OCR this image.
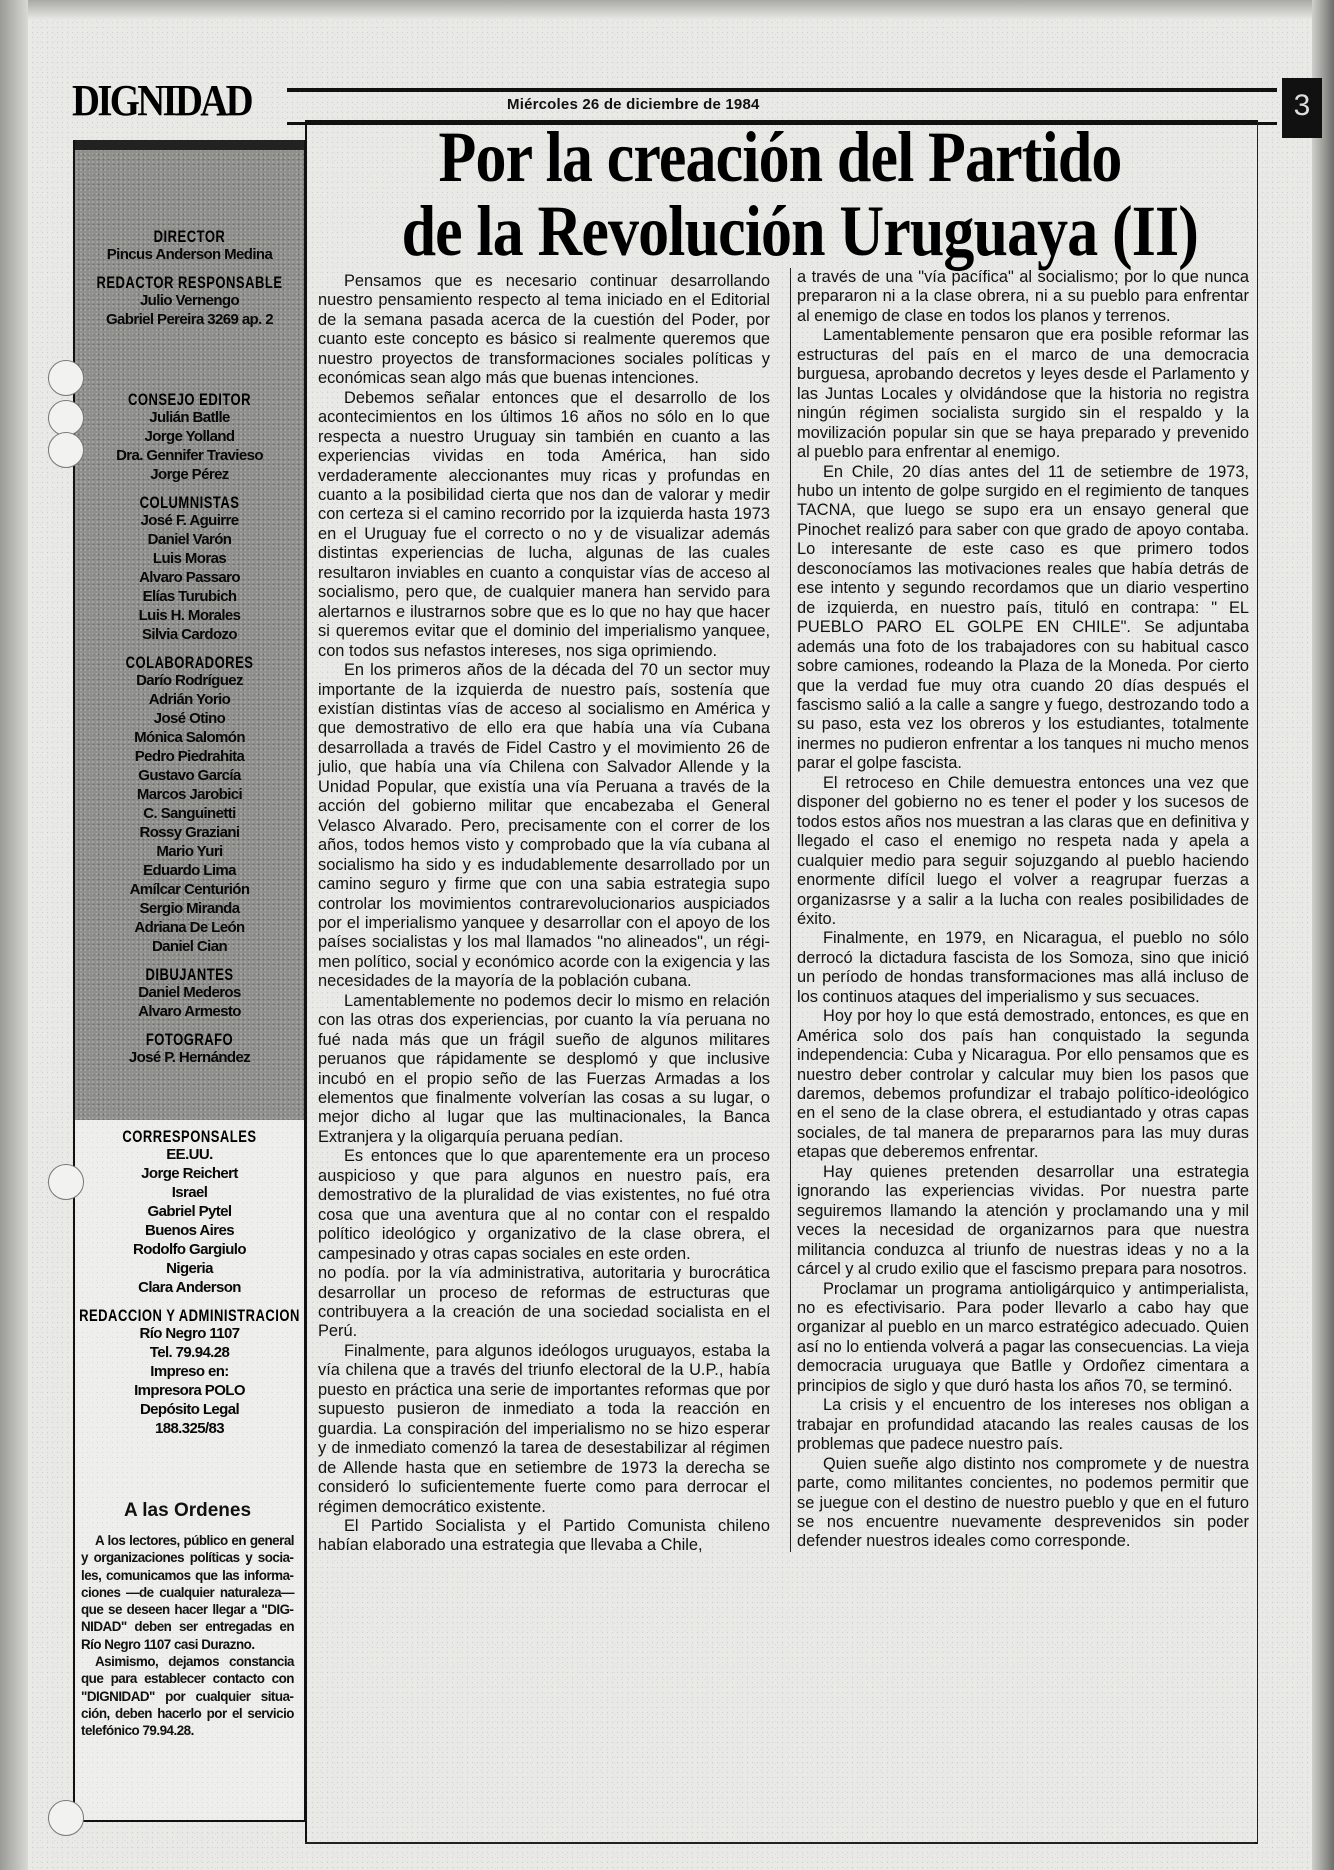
DIGNIDAD	Miércoles 26 de diciembre de 1984	3
Por la creación del Partido
de la Revolución Uruguaya (II)

Pensamos que es necesario continuar desarrollando nuestro pensamiento respecto al tema iniciado en el Editorial de la semana pasada acerca de la cuestión del Poder, por cuanto este concepto es básico si realmente queremos que nuestro proyectos de transformaciones sociales políticas y económicas sean algo más que buenas intenciones.

Debemos señalar entonces que el desarrollo de los acontecimientos en los últimos 16 años no sólo en lo que respecta a nuestro Uruguay sin también en cuanto a las experiencias vividas en toda América, han sido verdaderamente aleccionantes muy ricas y profundas en cuanto a la posibilidad cierta que nos dan de valorar y medir con certeza si el camino recorrido por la izquierda hasta 1973 en el Uruguay fue el correcto o no y de visualizar además distintas experiencias de lucha, algunas de las cuales resultaron inviables en cuanto a conquistar vías de acceso al socialismo, pero que, de cualquier manera han servido para alertarnos e ilustrarnos sobre que es lo que no hay que hacer si queremos evitar que el dominio del imperialismo yanquee, con todos sus nefastos intereses, nos siga oprimiendo.

En los primeros años de la década del 70 un sector muy importante de la izquierda de nuestro país, sostenía que existían distintas vías de acceso al socialismo en América y que demostrativo de ello era que había una vía Cubana desarrollada a través de Fidel Castro y el movimiento 26 de julio, que había una vía Chilena con Salvador Allende y la Unidad Popular, que existía una vía Peruana a través de la acción del gobierno militar que encabezaba el General Velasco Alvarado. Pero, precisamente con el correr de los años, todos hemos visto y comprobado que la vía cubana al socialismo ha sido y es indudablemente desarrollado por un camino seguro y firme que con una sabia estrategia supo controlar los movimientos contrarevolucionarios auspiciados por el imperialismo yanquee y desarrollar con el apoyo de los países socialistas y los mal llamados "no alineados", un régimen político, social y económico acorde con la exigencia y las necesidades de la mayoría de la población cubana.

Lamentablemente no podemos decir lo mismo en relación con las otras dos experiencias, por cuanto la vía peruana no fué nada más que un frágil sueño de algunos militares peruanos que rápidamente se desplomó y que inclusive incubó en el propio seño de las Fuerzas Armadas a los elementos que finalmente volverían las cosas a su lugar, o mejor dicho al lugar que las multinacionales, la Banca Extranjera y la oligarquía peruana pedían.

Es entonces que lo que aparentemente era un proceso auspicioso y que para algunos en nuestro país, era demostrativo de la pluralidad de vias existentes, no fué otra cosa que una aventura que al no contar con el respaldo político ideológico y organizativo de la clase obrera, el campesinado y otras capas sociales en este orden.

no podía. por la vía administrativa, autoritaria y burocrática desarrollar un proceso de reformas de estructuras que contribuyera a la creación de una sociedad socialista en el Perú.

Finalmente, para algunos ideólogos uruguayos, estaba la vía chilena que a través del triunfo electoral de la U.P., había puesto en práctica una serie de importantes reformas que por supuesto pusieron de inmediato a toda la reacción en guardia. La conspiración del imperialismo no se hizo esperar y de inmediato comenzó la tarea de desestabilizar al régimen de Allende hasta que en setiembre de 1973 la derecha se consideró lo suficientemente fuerte como para derrocar el régimen democrático existente.

El Partido Socialista y el Partido Comunista chileno habían elaborado una estrategia que llevaba a Chile,

a través de una "vía pacífica" al socialismo; por lo que nunca prepararon ni a la clase obrera, ni a su pueblo para enfrentar al enemigo de clase en todos los planos y terrenos.

Lamentablemente pensaron que era posible reformar las estructuras del país en el marco de una democracia burguesa, aprobando decretos y leyes desde el Parlamento y las Juntas Locales y olvidándose que la historia no registra ningún régimen socialista surgido sin el respaldo y la movilización popular sin que se haya preparado y prevenido al pueblo para enfrentar al enemigo.

En Chile, 20 días antes del 11 de setiembre de 1973, hubo un intento de golpe surgido en el regimiento de tanques TACNA, que luego se supo era un ensayo general que Pinochet realizó para saber con que grado de apoyo contaba. Lo interesante de este caso es que primero todos desconocíamos las motivaciones reales que había detrás de ese intento y segundo recordamos que un diario vespertino de izquierda, en nuestro país, tituló en contrapa: " EL PUEBLO PARO EL GOLPE EN CHILE". Se adjuntaba además una foto de los trabajadores con su habitual casco sobre camiones, rodeando la Plaza de la Moneda. Por cierto que la verdad fue muy otra cuando 20 días después el fascismo salió a la calle a sangre y fuego, destrozando todo a su paso, esta vez los obreros y los estudiantes, totalmente inermes no pudieron enfrentar a los tanques ni mucho menos parar el golpe fascista.

El retroceso en Chile demuestra entonces una vez que disponer del gobierno no es tener el poder y los sucesos de todos estos años nos muestran a las claras que en definitiva y llegado el caso el enemigo no respeta nada y apela a cualquier medio para seguir sojuzgando al pueblo haciendo enormente difícil luego el volver a reagrupar fuerzas a organizasrse y a salir a la lucha con reales posibilidades de éxito.

Finalmente, en 1979, en Nicaragua, el pueblo no sólo derrocó la dictadura fascista de los Somoza, sino que inició un período de hondas transformaciones mas allá incluso de los continuos ataques del imperialismo y sus secuaces.

Hoy por hoy lo que está demostrado, entonces, es que en América solo dos país han conquistado la segunda independencia: Cuba y Nicaragua. Por ello pensamos que es nuestro deber controlar y calcular muy bien los pasos que daremos, debemos profundizar el trabajo político-ideológico en el seno de la clase obrera, el estudiantado y otras capas sociales, de tal manera de prepararnos para las muy duras etapas que deberemos enfrentar.

Hay quienes pretenden desarrollar una estrategia ignorando las experiencias vividas. Por nuestra parte seguiremos llamando la atención y proclamando una y mil veces la necesidad de organizarnos para que nuestra militancia conduzca al triunfo de nuestras ideas y no a la cárcel y al crudo exilio que el fascismo prepara para nosotros.

Proclamar un programa antioligárquico y antimperialista, no es efectivisario. Para poder llevarlo a cabo hay que organizar al pueblo en un marco estratégico adecuado. Quien así no lo entienda volverá a pagar las consecuencias. La vieja democracia uruguaya que Batlle y Ordoñez cimentara a principios de siglo y que duró hasta los años 70, se terminó.

La crisis y el encuentro de los intereses nos obligan a trabajar en profundidad atacando las reales causas de los problemas que padece nuestro país.

Quien sueñe algo distinto nos compromete y de nuestra parte, como militantes concientes, no podemos permitir que se juegue con el destino de nuestro pueblo y que en el futuro se nos encuentre nuevamente desprevenidos sin poder defender nuestros ideales como corresponde.

DIRECTOR
Pincus Anderson Medina
REDACTOR RESPONSABLE
Julio Vernengo
Gabriel Pereira 3269 ap. 2
CONSEJO EDITOR
Julián Batlle
Jorge Yolland
Dra. Gennifer Travieso
Jorge Pérez
COLUMNISTAS
José F. Aguirre
Daniel Varón
Luis Moras
Alvaro Passaro
Elías Turubich
Luis H. Morales
Silvia Cardozo
COLABORADORES
Darío Rodríguez
Adrián Yorio
José Otino
Mónica Salomón
Pedro Piedrahita
Gustavo García
Marcos Jarobici
C. Sanguinetti
Rossy Graziani
Mario Yuri
Eduardo Lima
Amílcar Centurión
Sergio Miranda
Adriana De León
Daniel Cian
DIBUJANTES
Daniel Mederos
Alvaro Armesto
FOTOGRAFO
José P. Hernández
CORRESPONSALES
EE.UU.
Jorge Reichert
Israel
Gabriel Pytel
Buenos Aires
Rodolfo Gargiulo
Nigeria
Clara Anderson
REDACCION Y ADMINISTRACION
Río Negro 1107
Tel. 79.94.28
Impreso en:
Impresora POLO
Depósito Legal
188.325/83
A las Ordenes

A los lectores, público en general y organizaciones políticas y sociales, comunicamos que las informaciones —de cualquier naturaleza— que se deseen hacer llegar a "DIGNIDAD" deben ser entregadas en Río Negro 1107 casi Durazno.

Asimismo, dejamos constancia que para establecer contacto con "DIGNIDAD" por cualquier situación, deben hacerlo por el servicio telefónico 79.94.28.
